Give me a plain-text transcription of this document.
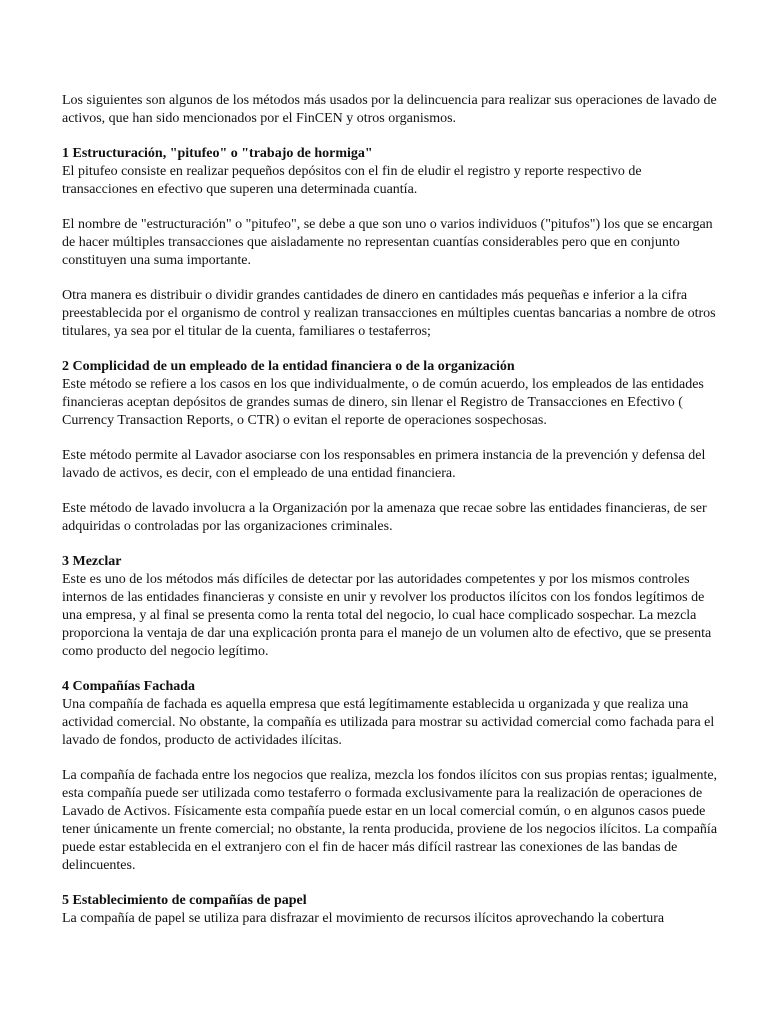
Los siguientes son algunos de los métodos más usados por la delincuencia para realizar sus operaciones de lavado de activos, que han sido mencionados por el FinCEN y otros organismos.

1 Estructuración, "pitufeo" o "trabajo de hormiga"

El pitufeo consiste en realizar pequeños depósitos con el fin de eludir el registro y reporte respectivo de transacciones en efectivo que superen una determinada cuantía.

El nombre de "estructuración" o "pitufeo", se debe a que son uno o varios individuos ("pitufos") los que se encargan de hacer múltiples transacciones que aisladamente no representan cuantías considerables pero que en conjunto constituyen una suma importante.

Otra manera es distribuir o dividir grandes cantidades de dinero en cantidades más pequeñas e inferior a la cifra preestablecida por el organismo de control y realizan transacciones en múltiples cuentas bancarias a nombre de otros titulares, ya sea por el titular de la cuenta, familiares o testaferros;

2 Complicidad de un empleado de la entidad financiera o de la organización

Este método se refiere a los casos en los que individualmente, o de común acuerdo, los empleados de las entidades financieras aceptan depósitos de grandes sumas de dinero, sin llenar el Registro de Transacciones en Efectivo ( Currency Transaction Reports, o CTR) o evitan el reporte de operaciones sospechosas.

Este método permite al Lavador asociarse con los responsables en primera instancia de la prevención y defensa del lavado de activos, es decir, con el empleado de una entidad financiera.

Este método de lavado involucra a la Organización por la amenaza que recae sobre las entidades financieras, de ser adquiridas o controladas por las organizaciones criminales.

3 Mezclar

Este es uno de los métodos más difíciles de detectar por las autoridades competentes y por los mismos controles internos de las entidades financieras y consiste en unir y revolver los productos ilícitos con los fondos legítimos de una empresa, y al final se presenta como la renta total del negocio, lo cual hace complicado sospechar. La mezcla proporciona la ventaja de dar una explicación pronta para el manejo de un volumen alto de efectivo, que se presenta como producto del negocio legítimo.

4 Compañías Fachada

Una compañía de fachada es aquella empresa que está legítimamente establecida u organizada y que realiza una actividad comercial. No obstante, la compañía es utilizada para mostrar su actividad comercial como fachada para el lavado de fondos, producto de actividades ilícitas.

La compañía de fachada entre los negocios que realiza, mezcla los fondos ilícitos con sus propias rentas; igualmente, esta compañía puede ser utilizada como testaferro o formada exclusivamente para la realización de operaciones de Lavado de Activos. Físicamente esta compañía puede estar en un local comercial común, o en algunos casos puede tener únicamente un frente comercial; no obstante, la renta producida, proviene de los negocios ilícitos. La compañía puede estar establecida en el extranjero con el fin de hacer más difícil rastrear las conexiones de las bandas de delincuentes.

5 Establecimiento de compañías de papel

La compañía de papel se utiliza para disfrazar el movimiento de recursos ilícitos aprovechando la cobertura
